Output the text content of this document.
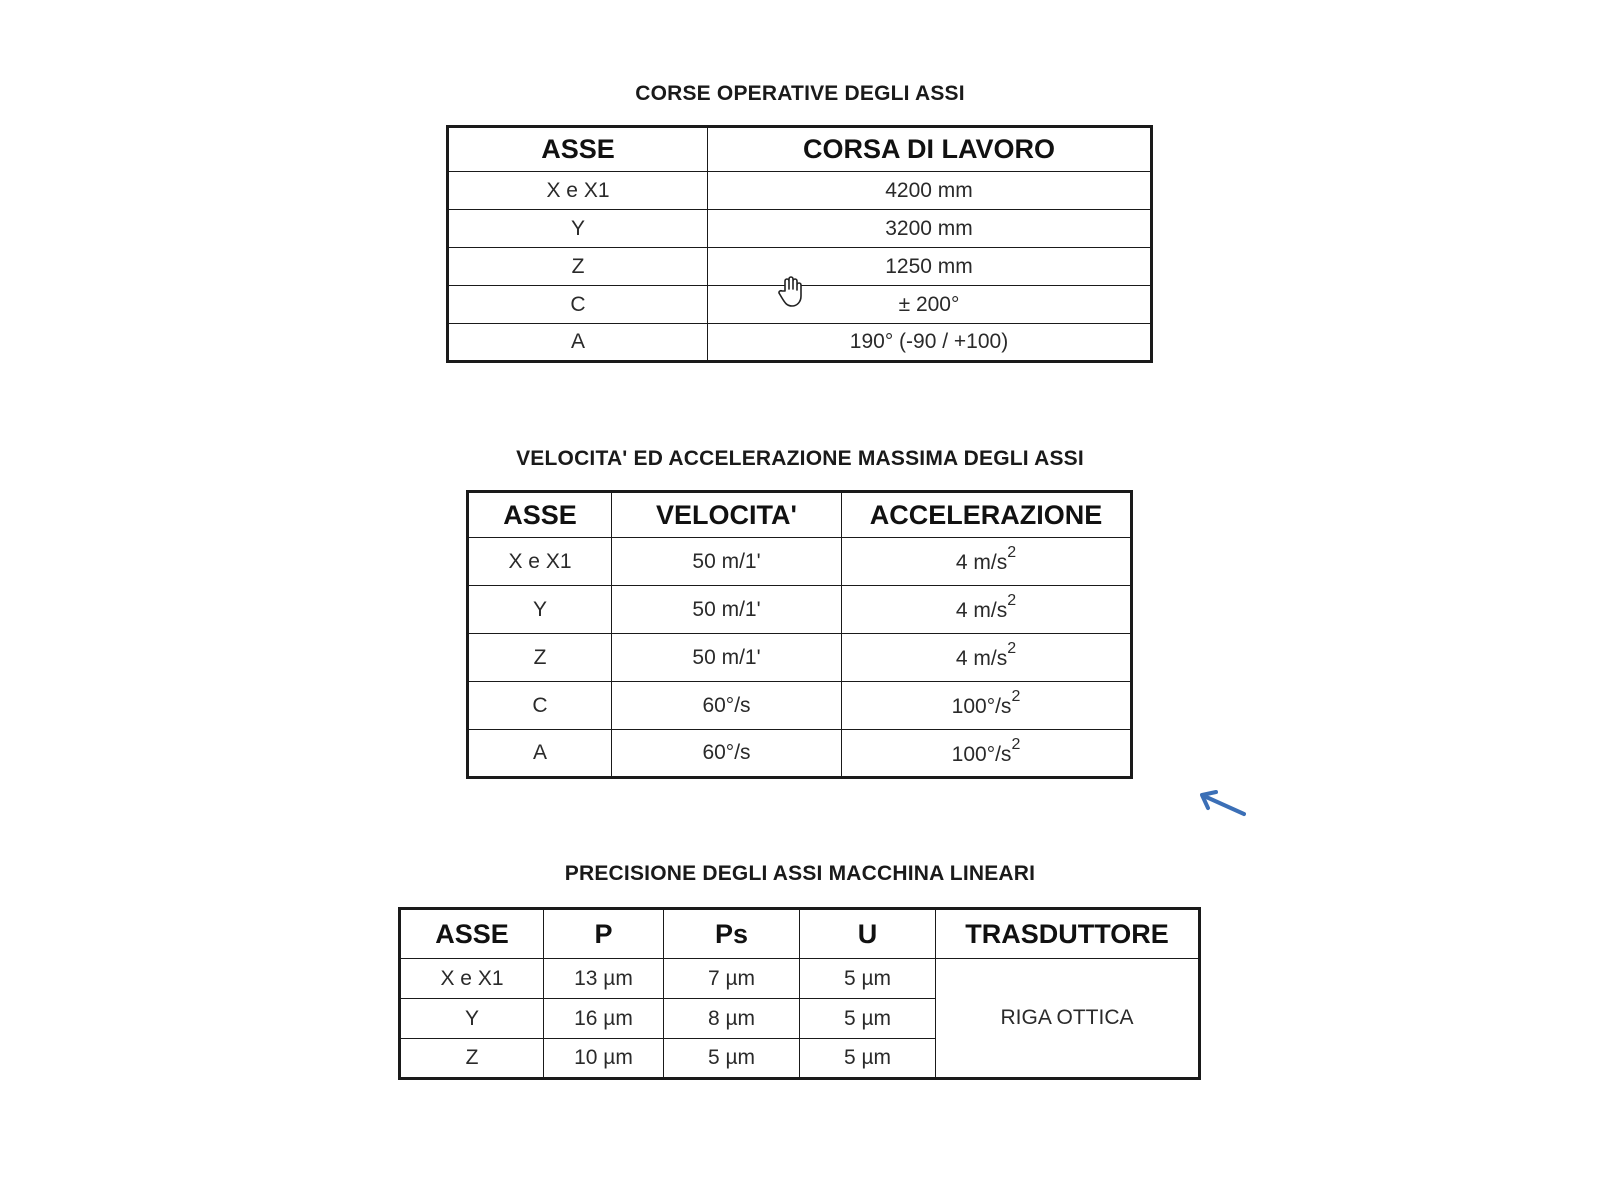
CORSE OPERATIVE DEGLI ASSI
ASSE	CORSA DI LAVORO
X e X1	4200 mm
Y	3200 mm
Z	1250 mm
C	± 200°
A	190° (-90 / +100)
VELOCITA' ED ACCELERAZIONE MASSIMA DEGLI ASSI
ASSE	VELOCITA'	ACCELERAZIONE
X e X1	50 m/1'	4 $m/s^2$
Y	50 m/1'	4 $m/s^2$
Z	50 m/1'	4 $m/s^2$
C	60°/s	$100^\circ/s^2$
A	60°/s	$100^\circ/s^2$
PRECISIONE DEGLI ASSI MACCHINA LINEARI
ASSE	P	Ps	U	TRASDUTTORE
X e X1	13 µm	7 µm	5 µm	RIGA OTTICA
Y	16 µm	8 µm	5 µm	
Z	10 µm	5 µm	5 µm	
